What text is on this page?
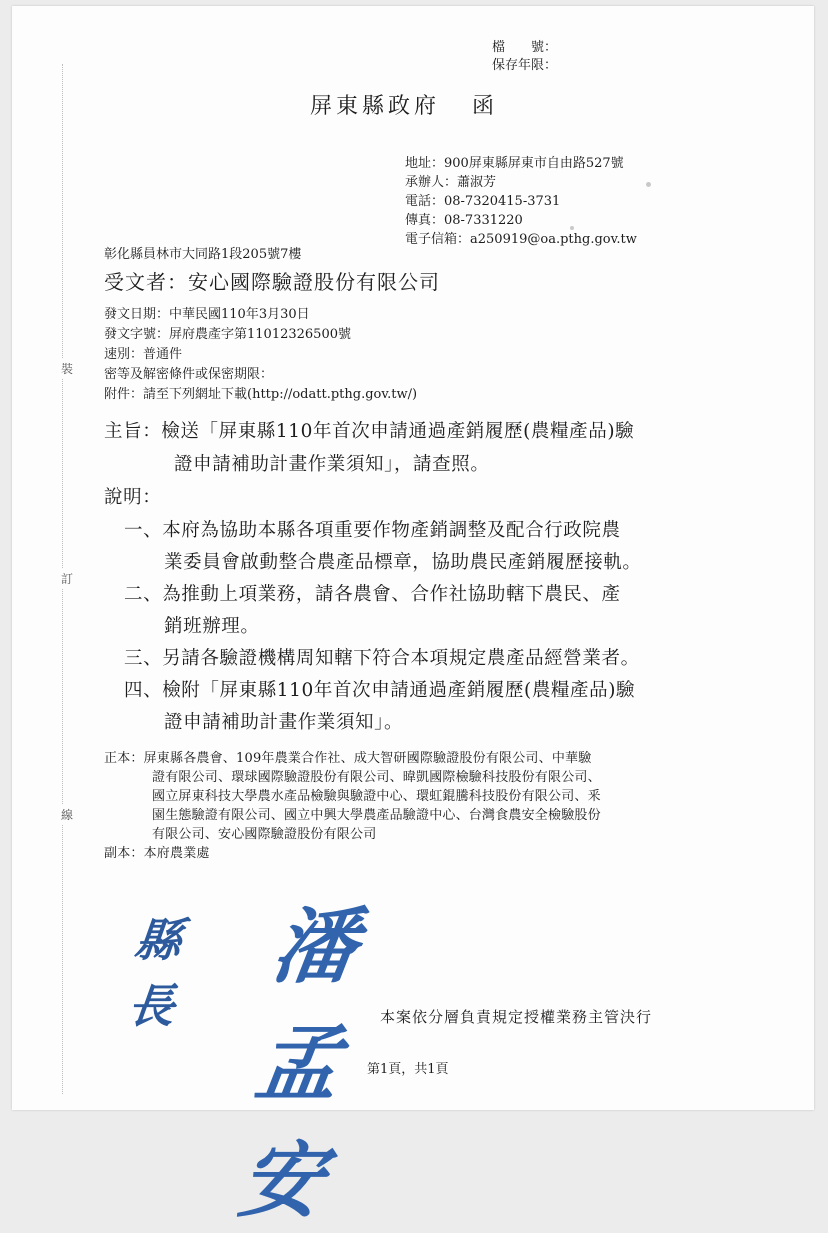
裝
訂
線
檔　　號：
保存年限：
屏東縣政府 函
地址：900屏東縣屏東市自由路527號
承辦人：蕭淑芳
電話：08-7320415-3731
傳真：08-7331220
電子信箱：a250919@oa.pthg.gov.tw
彰化縣員林市大同路1段205號7樓
受文者：安心國際驗證股份有限公司
發文日期：中華民國110年3月30日
發文字號：屏府農產字第11012326500號
速別：普通件
密等及解密條件或保密期限：
附件：請至下列網址下載(http://odatt.pthg.gov.tw/)
主旨：檢送「屏東縣110年首次申請通過產銷履歷(農糧產品)驗
證申請補助計畫作業須知」，請查照。
說明：
一、本府為協助本縣各項重要作物產銷調整及配合行政院農
業委員會啟動整合農產品標章，協助農民產銷履歷接軌。
二、為推動上項業務，請各農會、合作社協助轄下農民、產
銷班辦理。
三、另請各驗證機構周知轄下符合本項規定農產品經營業者。
四、檢附「屏東縣110年首次申請通過產銷履歷(農糧產品)驗
證申請補助計畫作業須知」。
正本：屏東縣各農會、109年農業合作社、成大智研國際驗證股份有限公司、中華驗
證有限公司、環球國際驗證股份有限公司、暐凱國際檢驗科技股份有限公司、
國立屏東科技大學農水產品檢驗與驗證中心、環虹錕騰科技股份有限公司、釆
園生態驗證有限公司、國立中興大學農產品驗證中心、台灣食農安全檢驗股份
有限公司、安心國際驗證股份有限公司
副本：本府農業處
縣長
潘孟安
本案依分層負責規定授權業務主管決行
第1頁，共1頁
